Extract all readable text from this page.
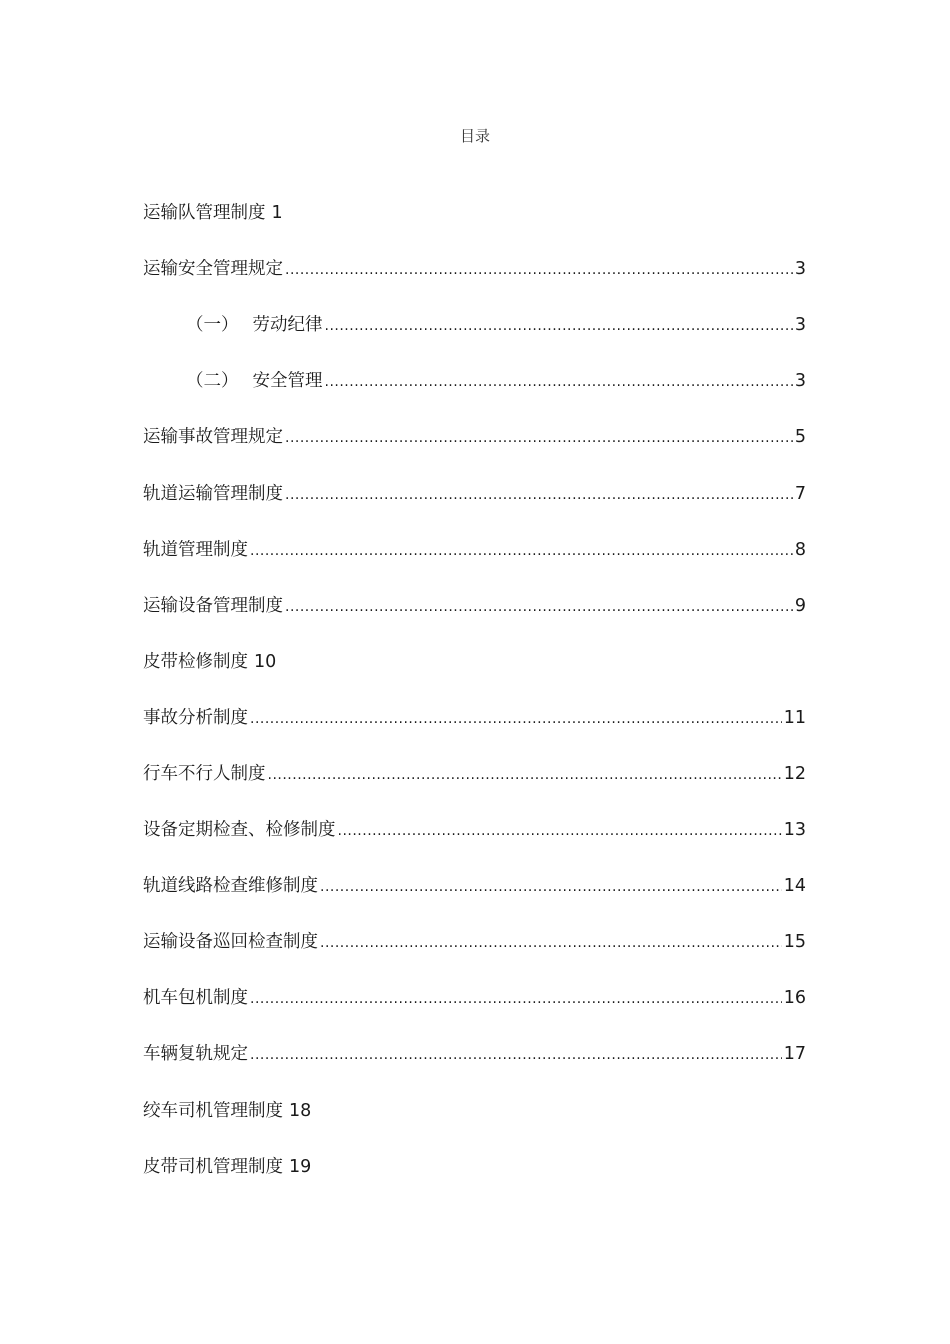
目录
运输队管理制度 1
运输安全管理规定 .....	3
（一） 劳动纪律 .....	3
（二） 安全管理 .....	3
运输事故管理规定 .....	5
轨道运输管理制度 .....	7
轨道管理制度 .....	8
运输设备管理制度 .....	9
皮带检修制度 10
事故分析制度 .....	11
行车不行人制度 .....	12
设备定期检查、检修制度 .....	13
轨道线路检查维修制度 .....	14
运输设备巡回检查制度 .....	15
机车包机制度 .....	16
车辆复轨规定 .....	17
绞车司机管理制度 18
皮带司机管理制度 19
